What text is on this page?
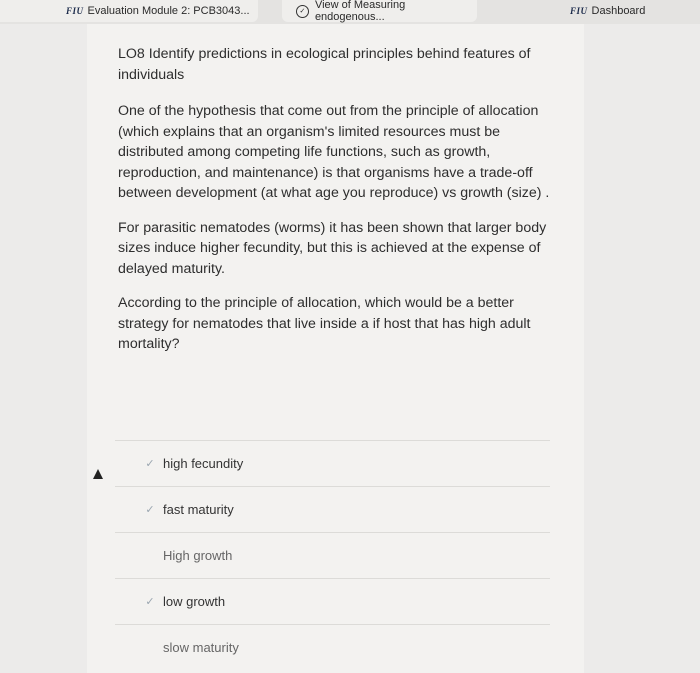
FIU Evaluation Module 2: PCB3043...	✓
View of Measuring endogenous...	FIU Dashboard

LO8 Identify predictions in ecological principles behind features of individuals

One of the hypothesis that come out from the principle of allocation (which explains that an organism's limited resources must be distributed among competing life functions, such as growth, reproduction, and maintenance) is that organisms have a trade-off between development (at what age you reproduce) vs growth (size) .

For parasitic nematodes (worms) it has been shown that larger body sizes induce higher fecundity, but this is achieved at the expense of delayed maturity.

According to the principle of allocation, which would be a better strategy for nematodes that live inside a if host that has high adult mortality?

✓ high fecundity
✓ fast maturity
High growth
✓ low growth
slow maturity
